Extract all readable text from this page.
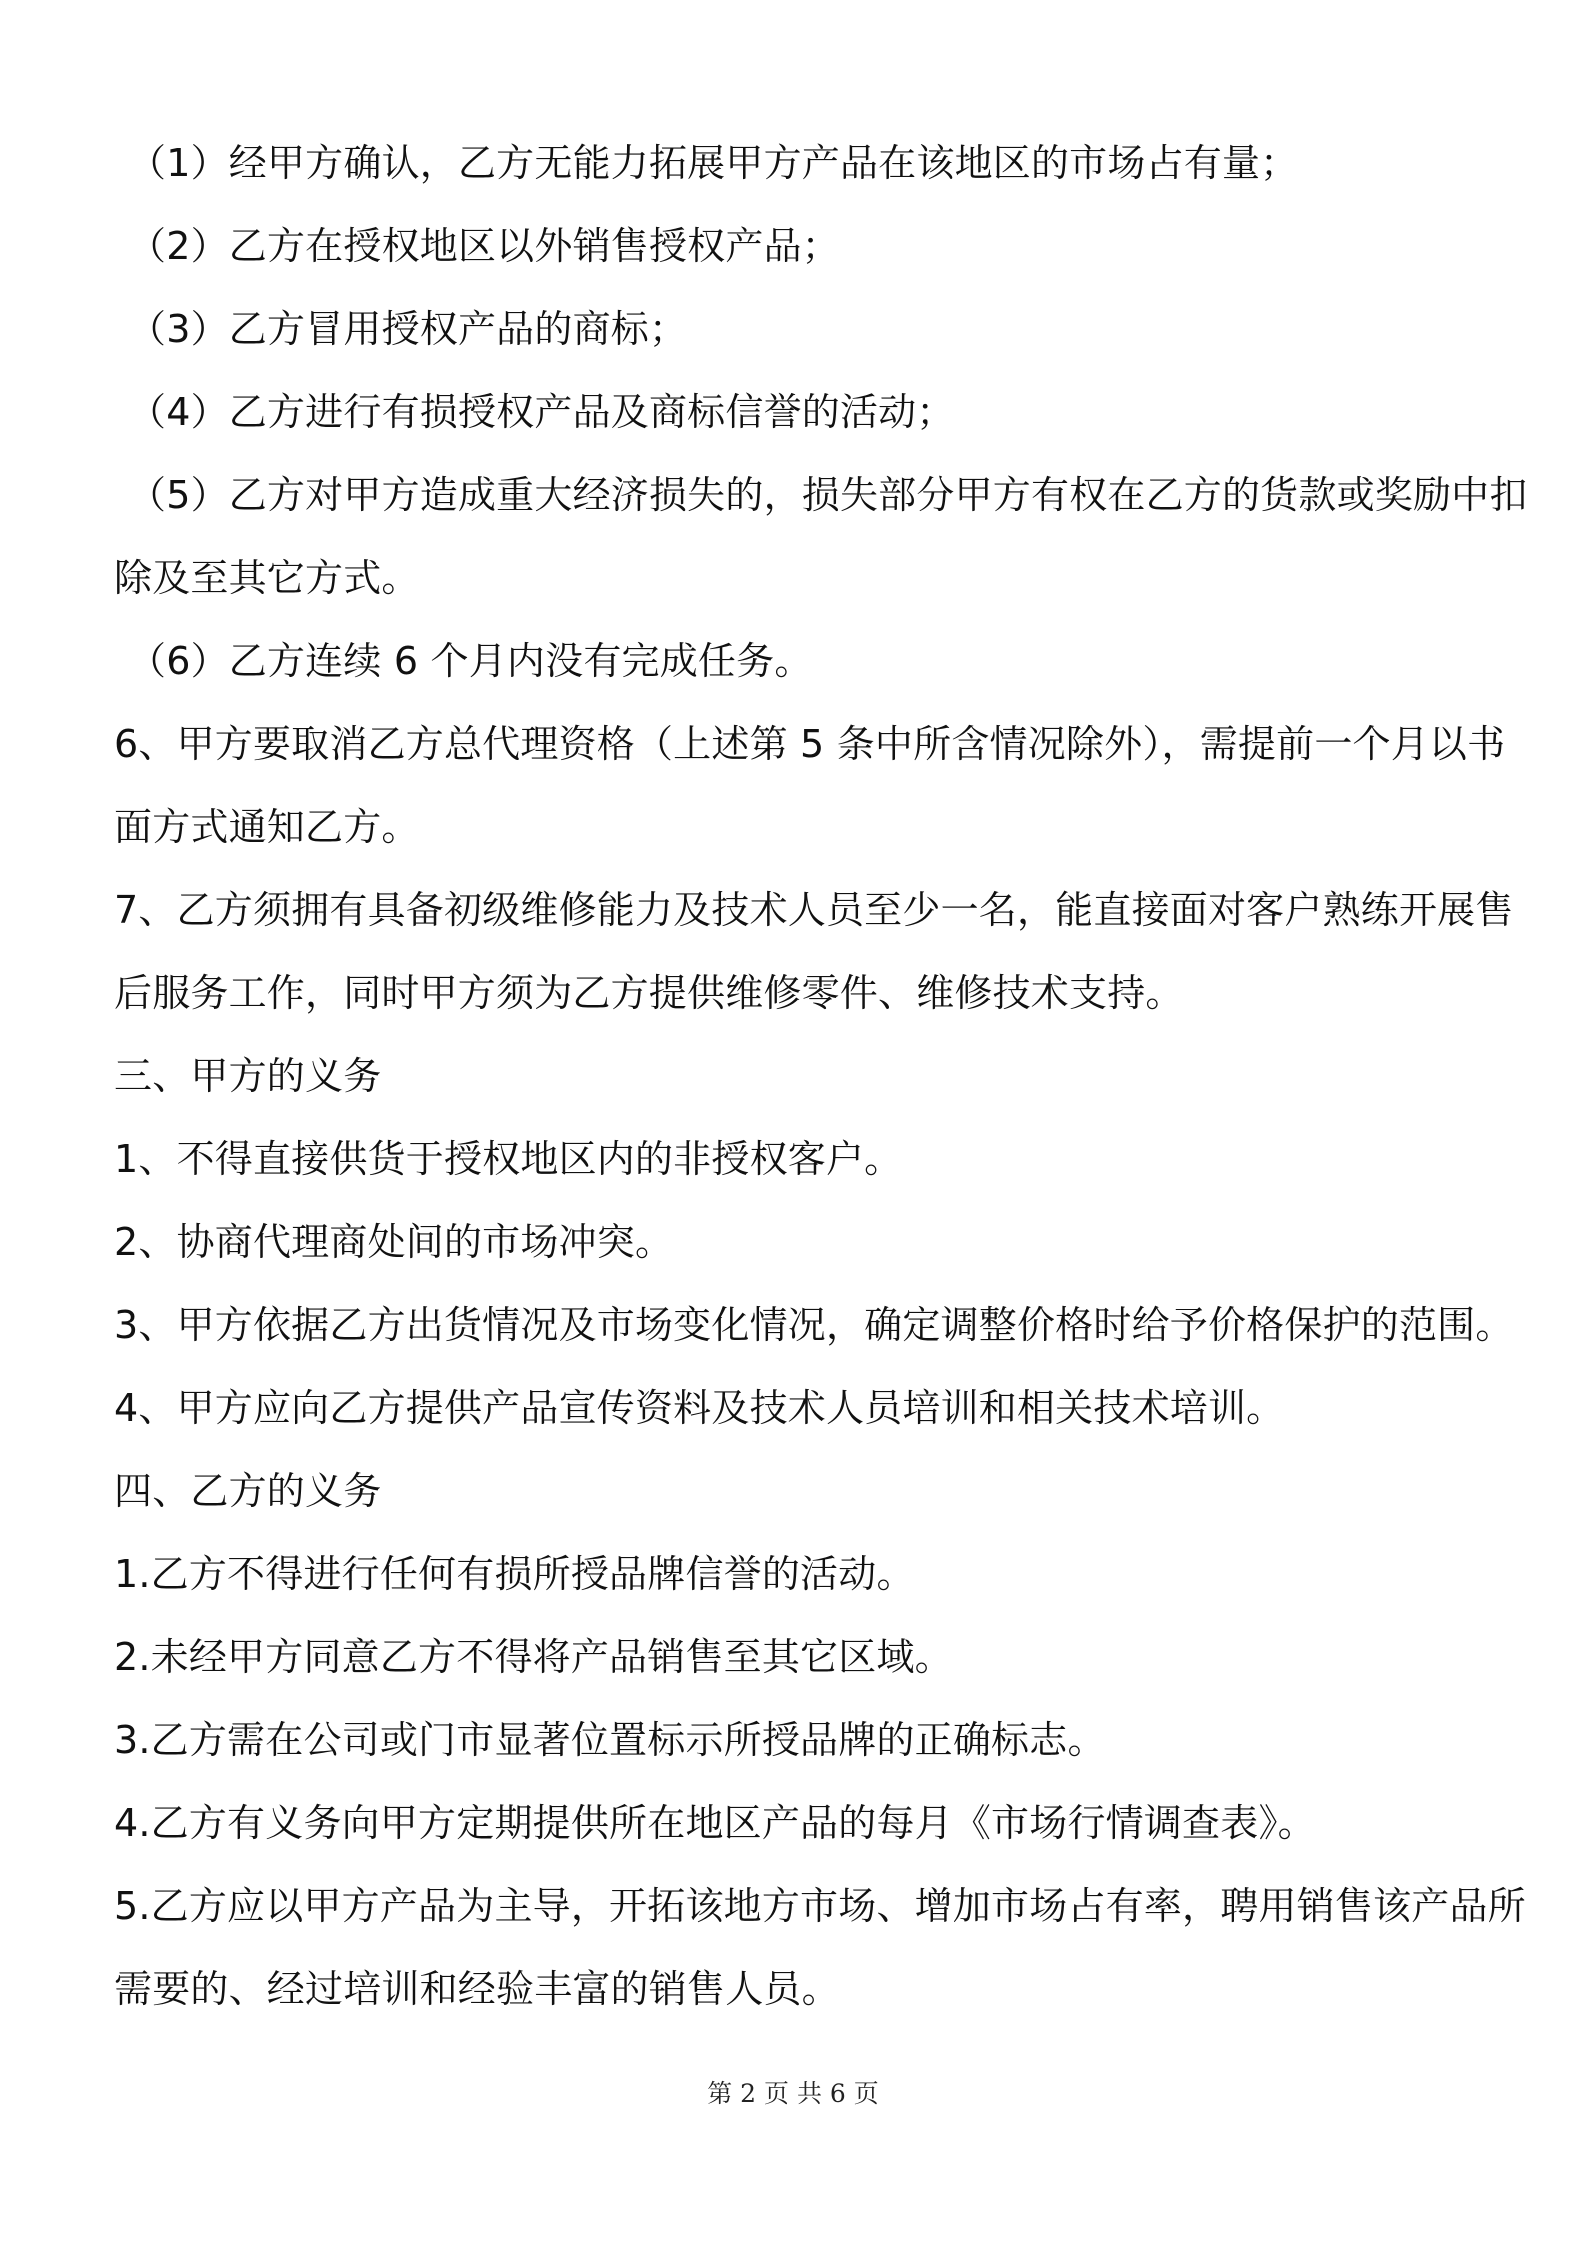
（1）经甲方确认，乙方无能力拓展甲方产品在该地区的市场占有量；
（2）乙方在授权地区以外销售授权产品；
（3）乙方冒用授权产品的商标；
（4）乙方进行有损授权产品及商标信誉的活动；
（5）乙方对甲方造成重大经济损失的，损失部分甲方有权在乙方的货款或奖励中扣
除及至其它方式。
（6）乙方连续 6 个月内没有完成任务。
6、甲方要取消乙方总代理资格（上述第 5 条中所含情况除外），需提前一个月以书
面方式通知乙方。
7、乙方须拥有具备初级维修能力及技术人员至少一名，能直接面对客户熟练开展售
后服务工作，同时甲方须为乙方提供维修零件、维修技术支持。
三、甲方的义务
1、不得直接供货于授权地区内的非授权客户。
2、协商代理商处间的市场冲突。
3、甲方依据乙方出货情况及市场变化情况，确定调整价格时给予价格保护的范围。
4、甲方应向乙方提供产品宣传资料及技术人员培训和相关技术培训。
四、乙方的义务
1.乙方不得进行任何有损所授品牌信誉的活动。
2.未经甲方同意乙方不得将产品销售至其它区域。
3.乙方需在公司或门市显著位置标示所授品牌的正确标志。
4.乙方有义务向甲方定期提供所在地区产品的每月《市场行情调查表》。
5.乙方应以甲方产品为主导，开拓该地方市场、增加市场占有率，聘用销售该产品所
需要的、经过培训和经验丰富的销售人员。
第 2 页 共 6 页
